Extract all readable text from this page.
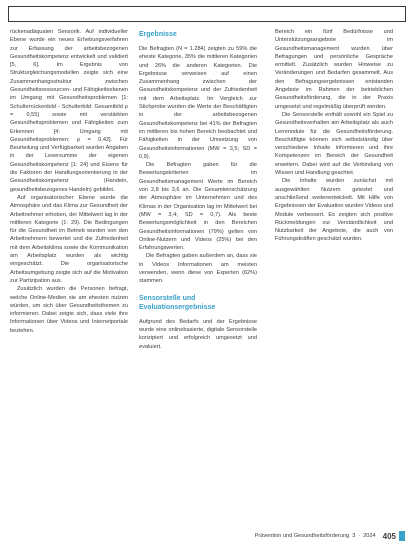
rückenadäquaten Sensorik. Auf individueller Ebene wurde ein neues Erhebungsverfahren zur Erfassung der arbeitsbezogenen Gesundheitskompetenz entwickelt und validiert [5, 6]. Im Ergebnis von Strukturgleichungsmodellen zeigte sich eine Zusammenhangsstruktur zwischen Gesundheitsressourcen- und Fähigkeitsebenen im Umgang mit Gesundheitsproblemen [1: Schulterrückenbild - Schulterbild: Gesamtbild ρ = 0,55] sowie mit verstärkten Gesundheitsproblemen und Fähigkeiten zum Erkennen [4: Umgang mit Gesundheitsproblemen: ρ = 0,42]. Für Beurteilung und Verfügbarkeit wurden Angaben in der Lesersumme der eigenen Gesundheitskompetenz [1: 24] und Eisens für die Faktoren der Handlungsorientierung in der Gesundheitskompetenz (Handeln, gesundheitsbezogenes Handeln) gebildet.

Auf organisatorischer Ebene wurde die Atmosphäre und das Klima zur Gesundheit der Arbeitnehmer erhoben, der Mittelwert lag in der mittleren Kategorie (1: 29). Die Bedingungen für die Gesundheit im Betrieb wurden von den Arbeitnehmern bewertet und die Zufriedenheit mit dem Arbeitsklima sowie die Kommunikation am Arbeitsplatz wurden als wichtig eingeschätzt. Die organisatorische Arbeitsumgebung zeigte sich auf die Motivation zur Partizipation aus.

Zusätzlich wurden die Personen befragt, welche Online-Medien sie am ehesten nutzen würden, um sich über Gesundheitsthemen zu informieren. Dabei zeigte sich, dass viele ihre Informationen über Videos und Internetportale beziehen.

Ergebnisse

Die Befragten (N = 1.284) zeigten zu 59% die eheste Kategorie, 35% die mittleren Kategorien und 26% die anderen Kategorien. Die Ergebnisse verweisen auf einen Zusammenhang zwischen der Gesundheitskompetenz und der Zufriedenheit mit dem Arbeitsplatz. Im Vergleich zur Stichprobe wurden die Werte der Beschäftigten in der arbeitsbezogenen Gesundheitskompetenz bei 41% der Befragten im mittleren bis hohen Bereich beobachtet und Fähigkeiten in der Umsetzung von Gesundheitsinformationen (MW = 3,5; SD = 0,9).

Die Befragten gaben für die Bewertungskriterien im Gesundheitsmanagement Werte im Bereich von 2,8 bis 3,6 an. Die Gesamteinschätzung der Atmosphäre im Unternehmen und des Klimas in der Organisation lag im Mittelwert bei (MW = 3,4; SD = 0,7). Als beste Bewertungsmöglichkeit in den Bereichen Gesundheitsinformationen (79%) gelten von Online-Nutzern und Videos (25%) bei den Erfahrungswerten.

Die Befragten gaben außerdem an, dass sie in Videos Informationen am meisten verwenden, wenn diese von Experten (62%) stammen.

Sensorstelle und Evaluationsergebnisse

Aufgrund des Bedarfs und der Ergebnisse wurde eine onlinebasierte, digitale Sensorstelle konzipiert und erfolgreich umgesetzt und evaluiert.

Bereich ein fünf Bedürfnisse und Unterstützungsangebote im Gesundheitsmanagement wurden über Befragungen und persönliche Gespräche ermittelt. Zusätzlich wurden Hinweise zu Veränderungen und Bedarfen gesammelt. Aus den Befragungsergebnissen entstanden Angebote im Rahmen der betrieblichen Gesundheitsförderung, die in der Praxis umgesetzt und regelmäßig überprüft werden.

Die Sensorstelle enthält sowohl ein Spiel zu Gesundheitsverhalten am Arbeitsplatz als auch Lernmodule für die Gesundheitsförderung. Beschäftigte können sich selbstständig über verschiedene Inhalte informieren und ihre Kompetenzen im Bereich der Gesundheit erweitern. Dabei wird auf die Verbindung von Wissen und Handlung geachtet.

Die Inhalte wurden zunächst mit ausgewählten Nutzern getestet und anschließend weiterentwickelt. Mit Hilfe von Ergebnissen der Evaluation wurden Videos und Module verbessert. Es zeigten sich positive Rückmeldungen zur Verständlichkeit und Nutzbarkeit der Angebote, die auch von Führungskräften geschätzt wurden.

Prävention und Gesundheitsförderung 3 · 2024 405
